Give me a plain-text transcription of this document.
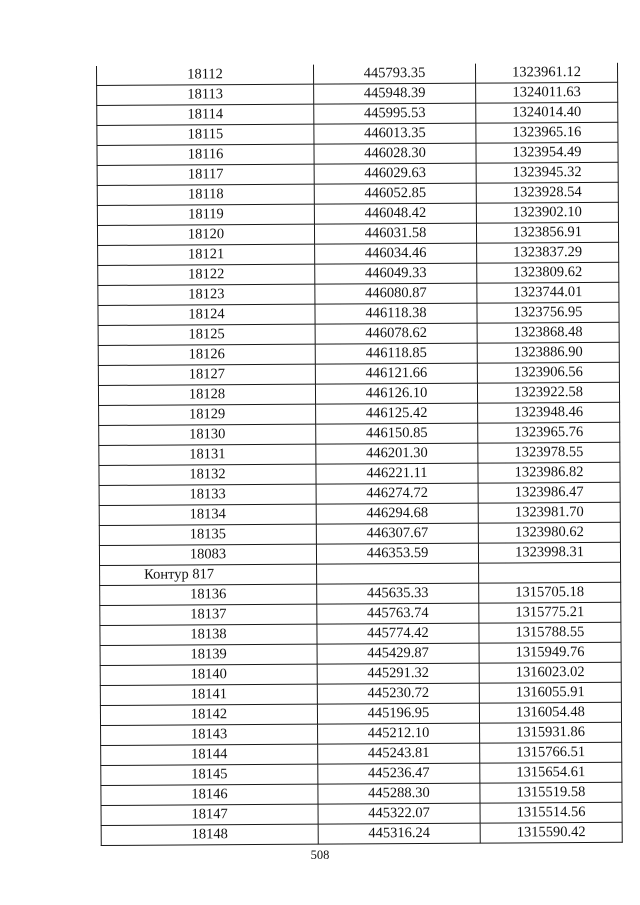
18112	445793.35	1323961.12
18113	445948.39	1324011.63
18114	445995.53	1324014.40
18115	446013.35	1323965.16
18116	446028.30	1323954.49
18117	446029.63	1323945.32
18118	446052.85	1323928.54
18119	446048.42	1323902.10
18120	446031.58	1323856.91
18121	446034.46	1323837.29
18122	446049.33	1323809.62
18123	446080.87	1323744.01
18124	446118.38	1323756.95
18125	446078.62	1323868.48
18126	446118.85	1323886.90
18127	446121.66	1323906.56
18128	446126.10	1323922.58
18129	446125.42	1323948.46
18130	446150.85	1323965.76
18131	446201.30	1323978.55
18132	446221.11	1323986.82
18133	446274.72	1323986.47
18134	446294.68	1323981.70
18135	446307.67	1323980.62
18083	446353.59	1323998.31
Контур 817		
18136	445635.33	1315705.18
18137	445763.74	1315775.21
18138	445774.42	1315788.55
18139	445429.87	1315949.76
18140	445291.32	1316023.02
18141	445230.72	1316055.91
18142	445196.95	1316054.48
18143	445212.10	1315931.86
18144	445243.81	1315766.51
18145	445236.47	1315654.61
18146	445288.30	1315519.58
18147	445322.07	1315514.56
18148	445316.24	1315590.42
508
